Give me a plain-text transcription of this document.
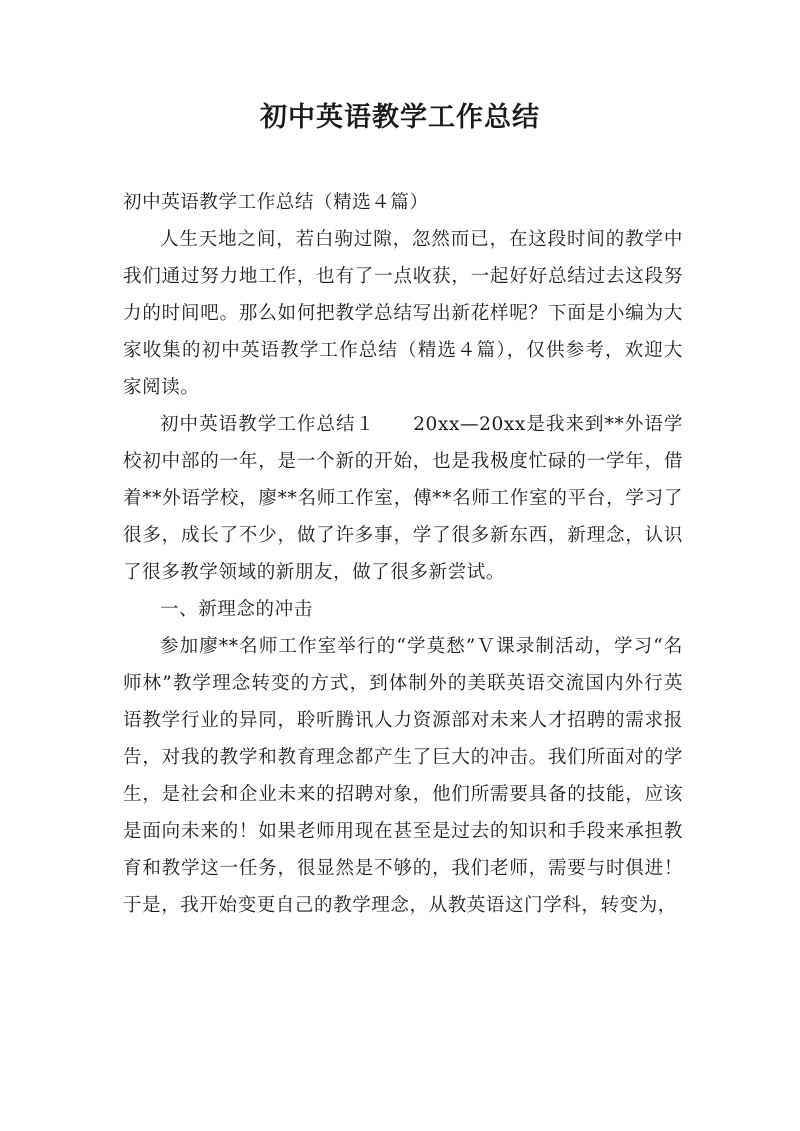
初中英语教学工作总结

初中英语教学工作总结（精选４篇）

人生天地之间，若白驹过隙，忽然而已，在这段时间的教学中我们通过努力地工作，也有了一点收获，一起好好总结过去这段努力的时间吧。那么如何把教学总结写出新花样呢？下面是小编为大家收集的初中英语教学工作总结（精选４篇），仅供参考，欢迎大家阅读。

初中英语教学工作总结１ 20xx—20xx是我来到**外语学校初中部的一年，是一个新的开始，也是我极度忙碌的一学年，借着**外语学校，廖**名师工作室，傅**名师工作室的平台，学习了很多，成长了不少，做了许多事，学了很多新东西，新理念，认识了很多教学领域的新朋友，做了很多新尝试。

一、新理念的冲击

参加廖**名师工作室举行的“学莫愁”Ｖ课录制活动，学习“名师林”教学理念转变的方式，到体制外的美联英语交流国内外行英语教学行业的异同，聆听腾讯人力资源部对未来人才招聘的需求报告，对我的教学和教育理念都产生了巨大的冲击。我们所面对的学生，是社会和企业未来的招聘对象，他们所需要具备的技能，应该是面向未来的！如果老师用现在甚至是过去的知识和手段来承担教育和教学这一任务，很显然是不够的，我们老师，需要与时俱进！于是，我开始变更自己的教学理念，从教英语这门学科，转变为，
